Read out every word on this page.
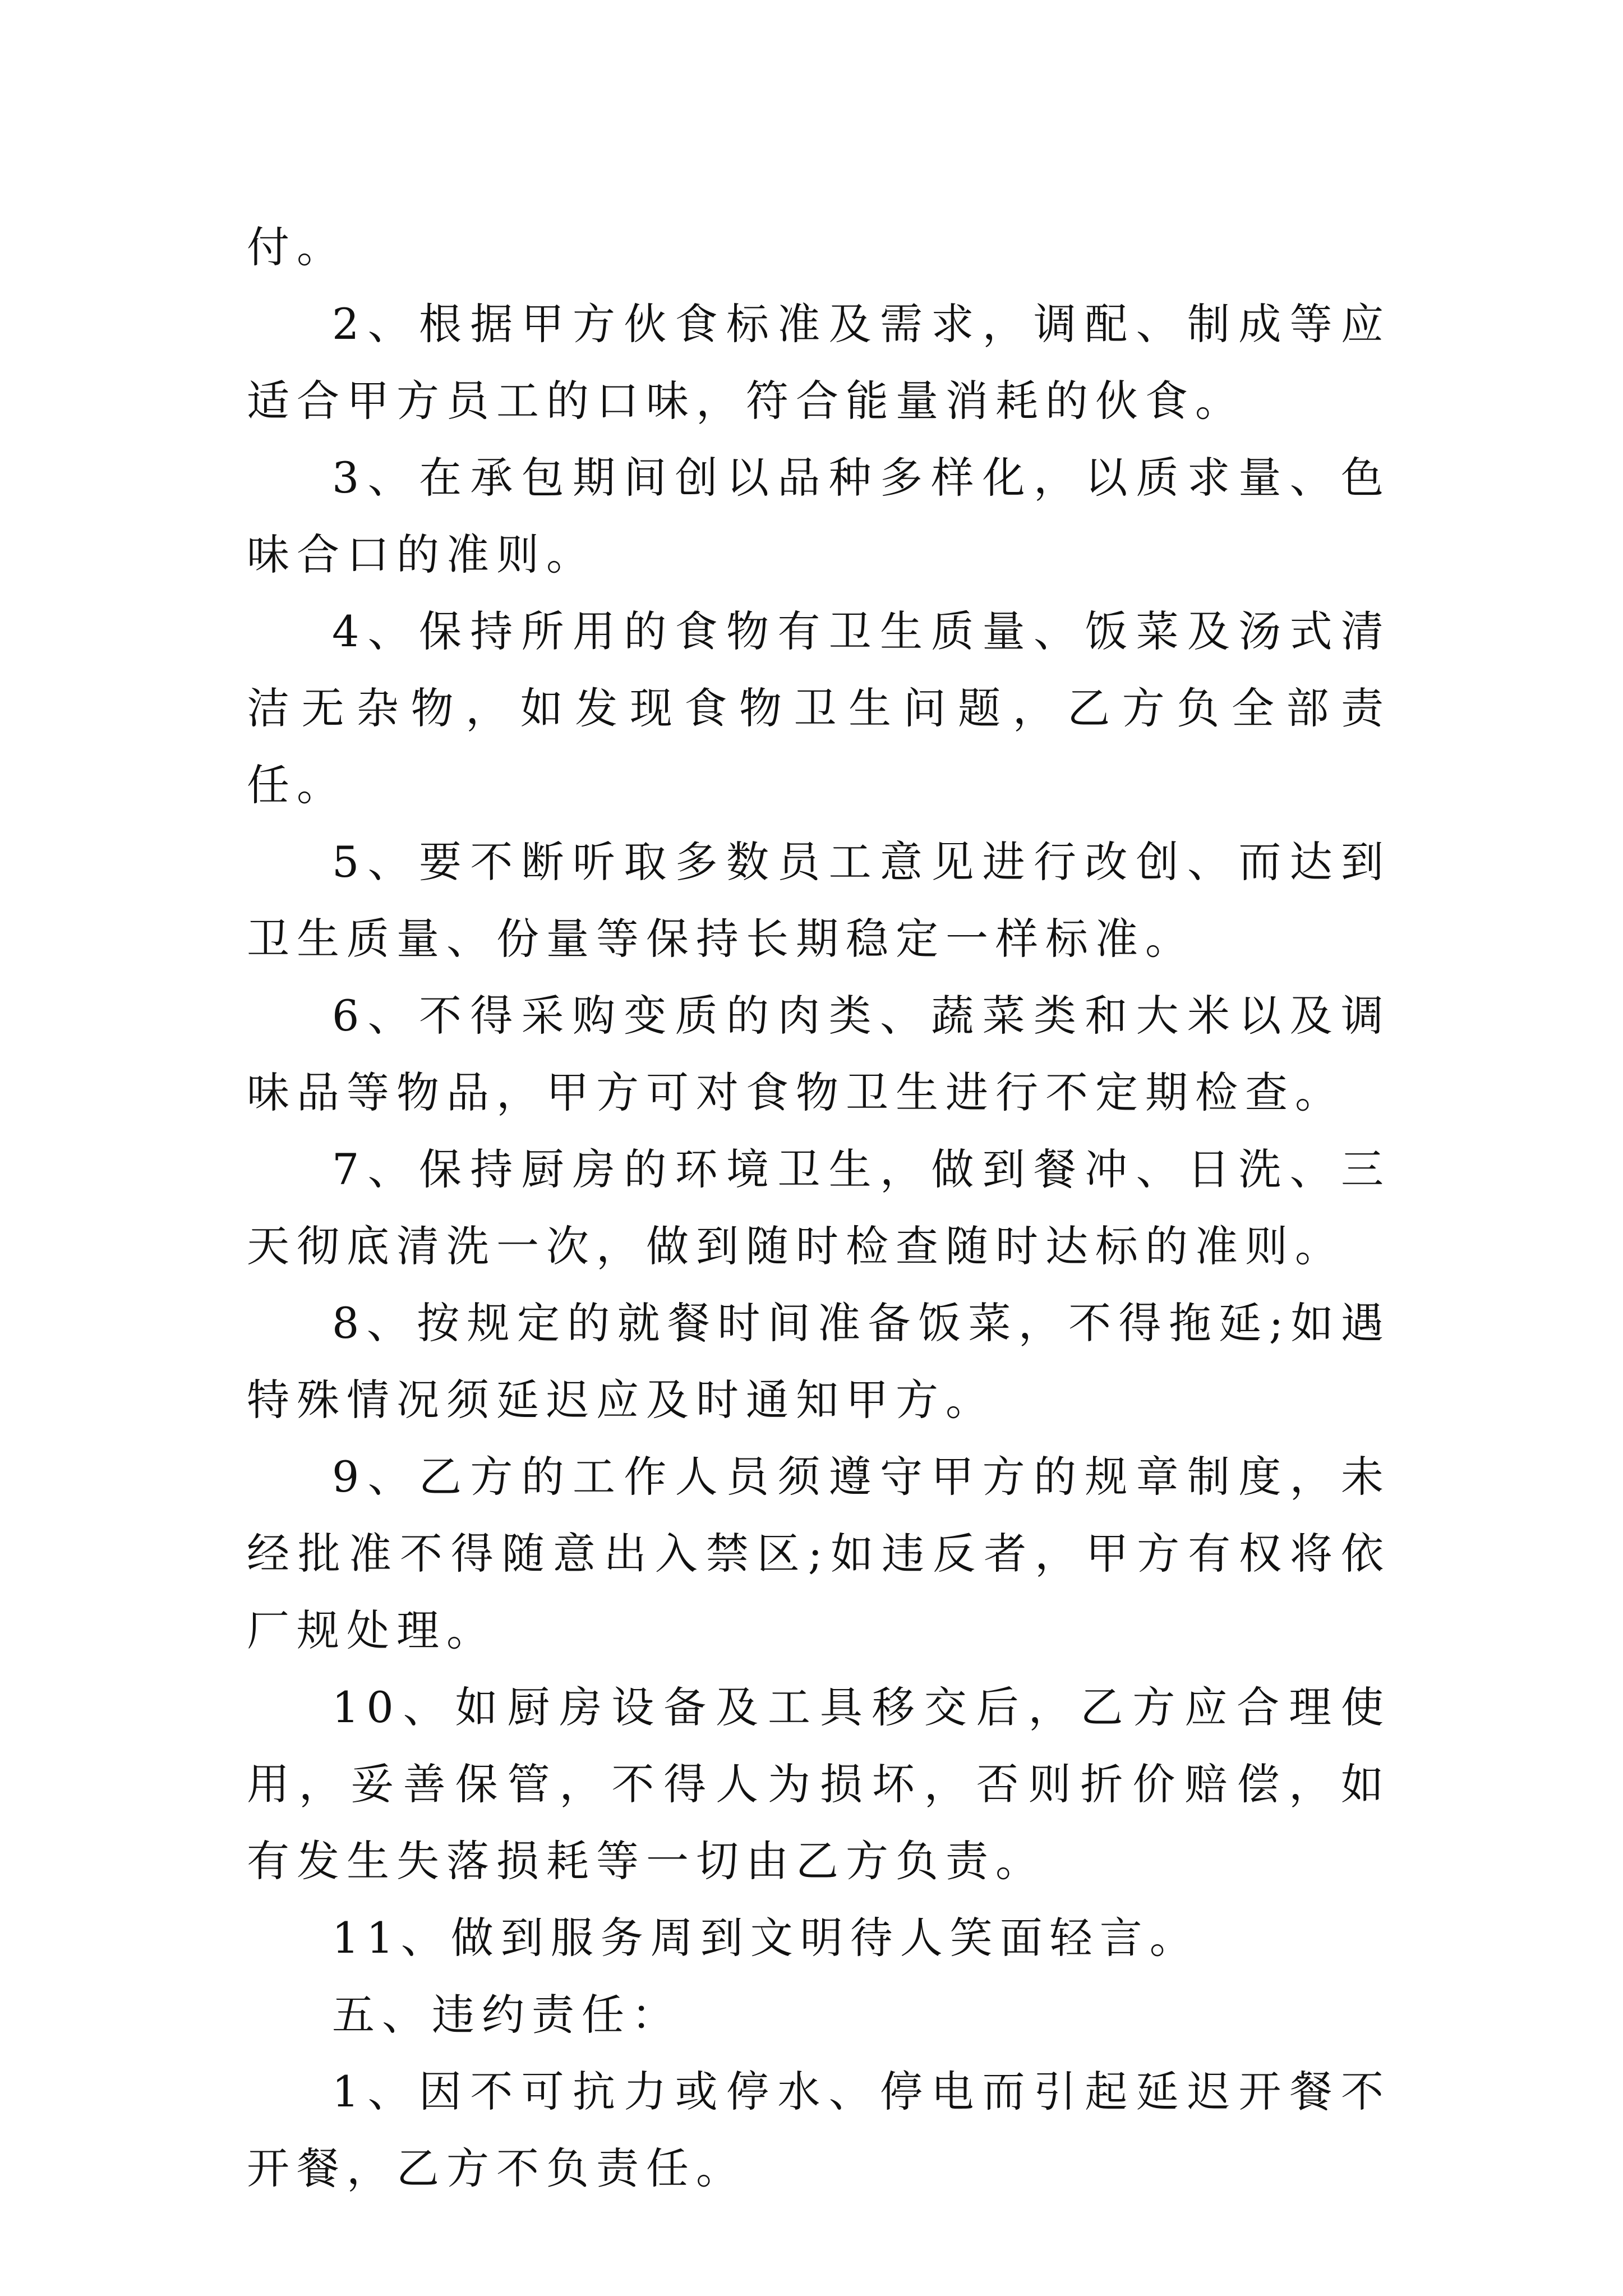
付。

2、根据甲方伙食标准及需求，调配、制成等应适合甲方员工的口味，符合能量消耗的伙食。

3、在承包期间创以品种多样化，以质求量、色味合口的准则。

4、保持所用的食物有卫生质量、饭菜及汤式清洁无杂物，如发现食物卫生问题，乙方负全部责任。

5、要不断听取多数员工意见进行改创、而达到卫生质量、份量等保持长期稳定一样标准。

6、不得采购变质的肉类、蔬菜类和大米以及调味品等物品，甲方可对食物卫生进行不定期检查。

7、保持厨房的环境卫生，做到餐冲、日洗、三天彻底清洗一次，做到随时检查随时达标的准则。

8、按规定的就餐时间准备饭菜，不得拖延;如遇特殊情况须延迟应及时通知甲方。

9、乙方的工作人员须遵守甲方的规章制度，未经批准不得随意出入禁区;如违反者，甲方有权将依厂规处理。

10、如厨房设备及工具移交后，乙方应合理使用，妥善保管，不得人为损坏，否则折价赔偿，如有发生失落损耗等一切由乙方负责。

11、做到服务周到文明待人笑面轻言。

五、违约责任：

1、因不可抗力或停水、停电而引起延迟开餐不开餐，乙方不负责任。
